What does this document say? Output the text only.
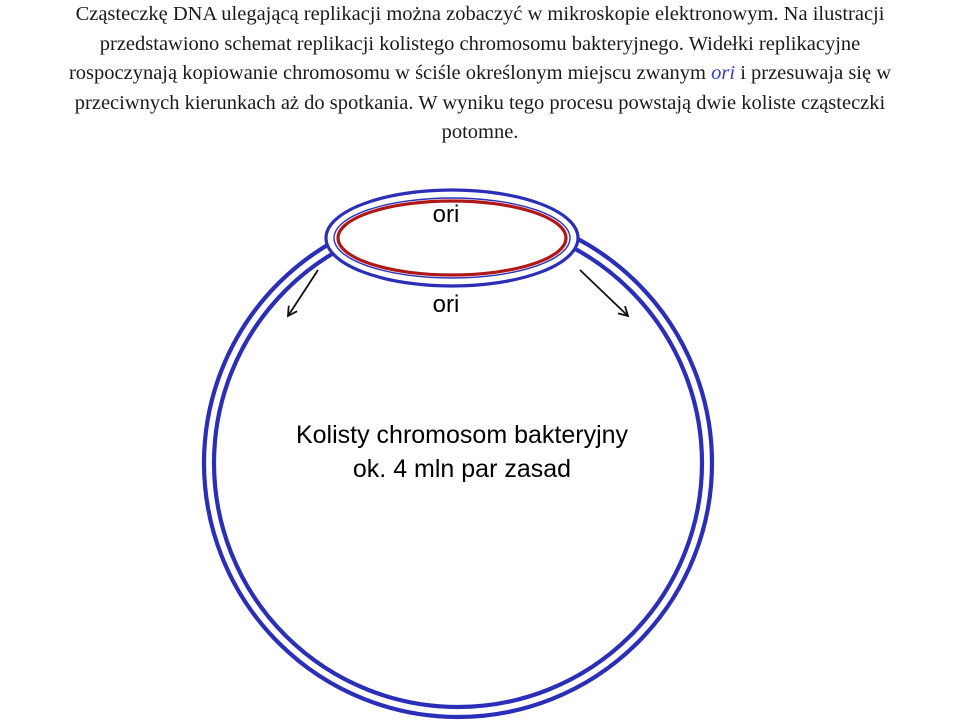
Cząsteczkę DNA ulegającą replikacji można zobaczyć w mikroskopie elektronowym. Na ilustracji
przedstawiono schemat replikacji kolistego chromosomu bakteryjnego. Widełki replikacyjne
rospoczynają kopiowanie chromosomu w ściśle określonym miejscu zwanym ori i przesuwaja się w
przeciwnych kierunkach aż do spotkania. W wyniku tego procesu powstają dwie koliste cząsteczki
potomne.
ori
ori
Kolisty chromosom bakteryjny
ok. 4 mln par zasad
